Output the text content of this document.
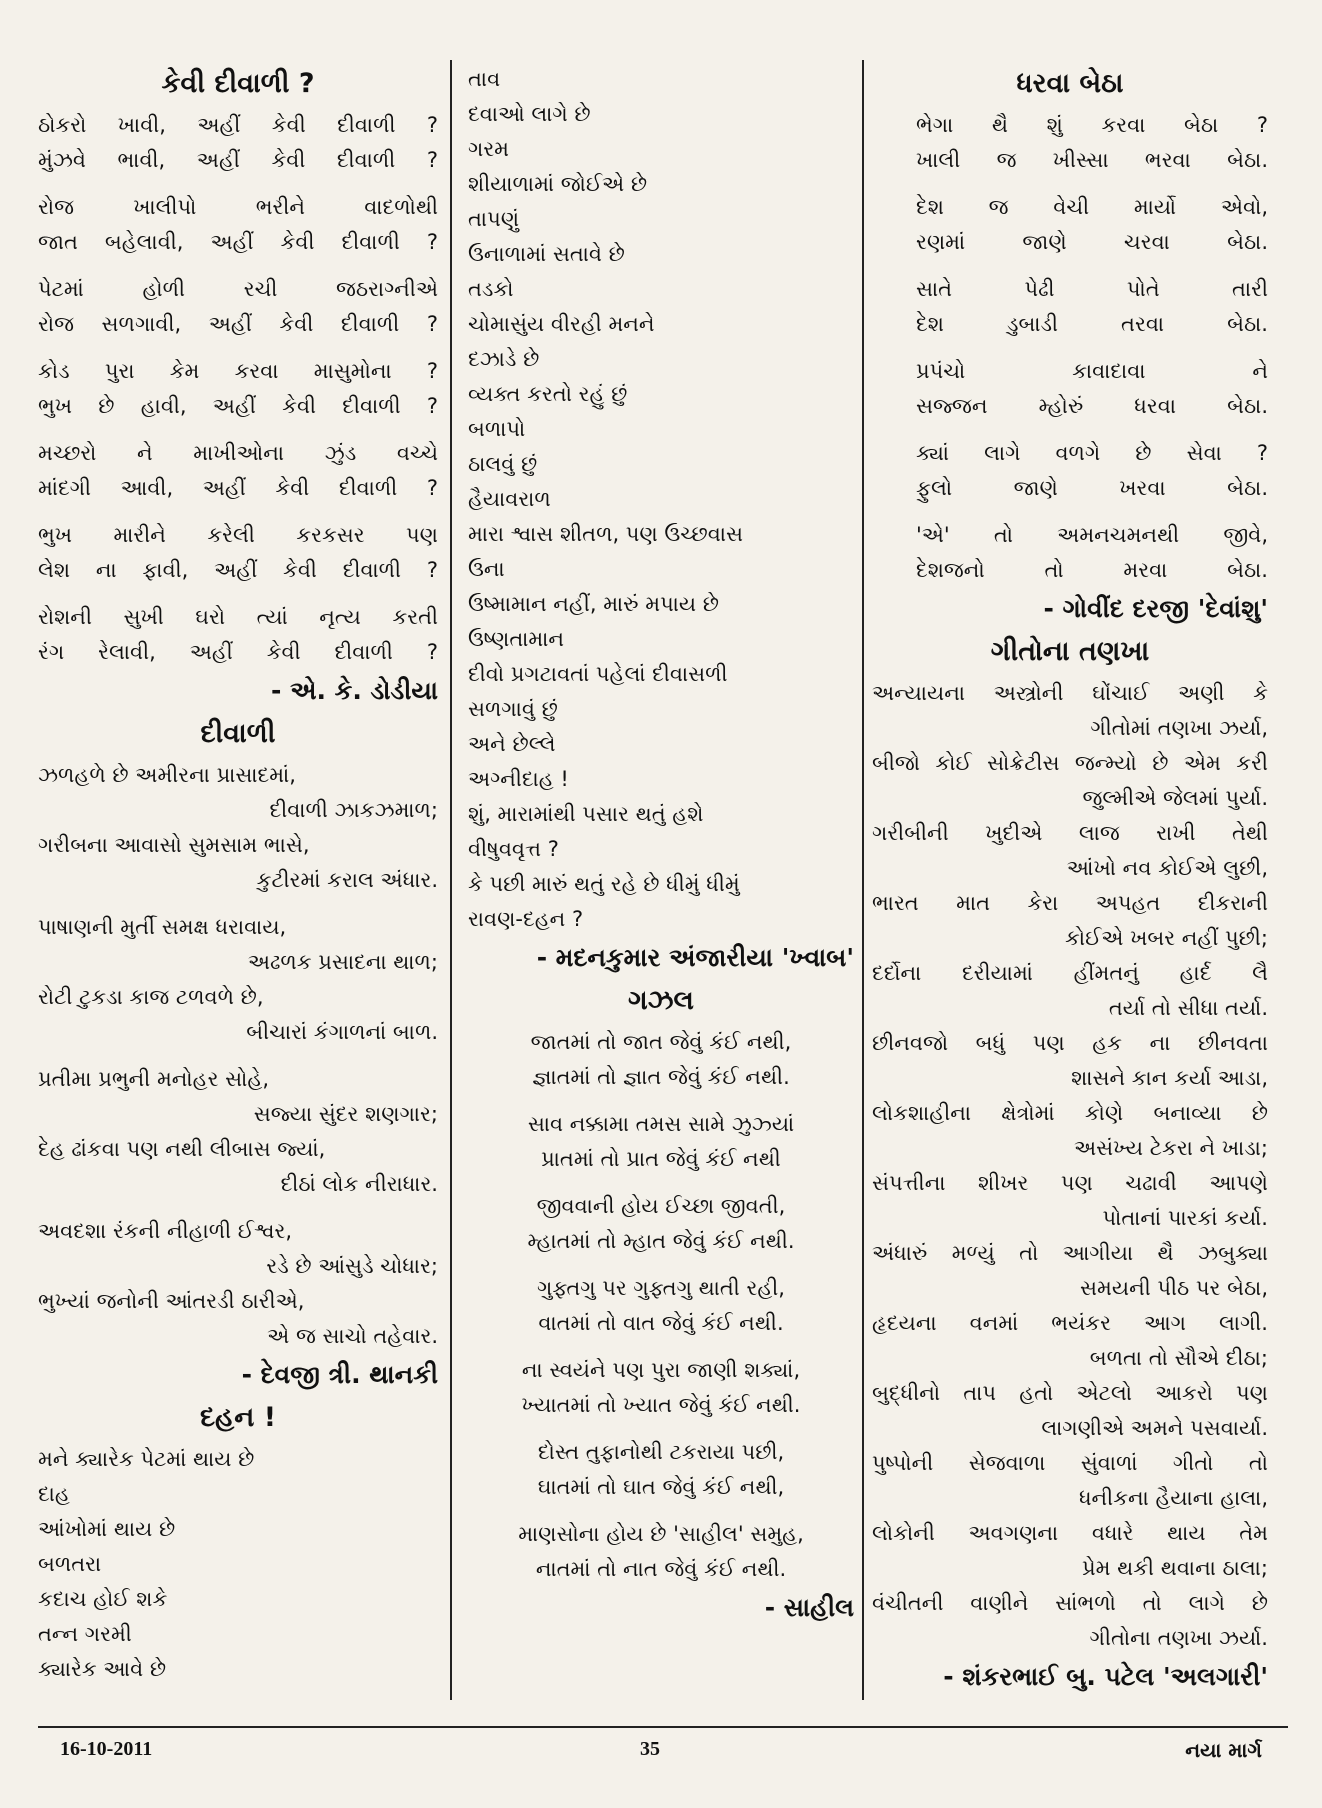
કેવી દીવાળી ?
ઠોકરો ખાવી, અહીં કેવી દીવાળી ?
મુંઝવે ભાવી, અહીં કેવી દીવાળી ?
રોજ ખાલીપો ભરીને વાદળોથી
જાત બહેલાવી, અહીં કેવી દીવાળી ?
પેટમાં હોળી રચી જઠરાગ્નીએ
રોજ સળગાવી, અહીં કેવી દીવાળી ?
કોડ પુરા કેમ કરવા માસુમોના ?
ભુખ છે હાવી, અહીં કેવી દીવાળી ?
મચ્છરો ને માખીઓના ઝુંડ વચ્ચે
માંદગી આવી, અહીં કેવી દીવાળી ?
ભુખ મારીને કરેલી કરકસર પણ
લેશ ના ફાવી, અહીં કેવી દીવાળી ?
રોશની સુખી ઘરો ત્યાં નૃત્ય કરતી
રંગ રેલાવી, અહીં કેવી દીવાળી ?
- એ. કે. ડોડીયા
દીવાળી
ઝળહળે છે અમીરના પ્રાસાદમાં,
દીવાળી ઝાકઝમાળ;
ગરીબના આવાસો સુમસામ ભાસે,
કુટીરમાં કરાલ અંધાર.
પાષાણની મુર્તી સમક્ષ ધરાવાય,
અઢળક પ્રસાદના થાળ;
રોટી ટુકડા કાજ ટળવળે છે,
બીચારાં કંગાળનાં બાળ.
પ્રતીમા પ્રભુની મનોહર સોહે,
સજ્યા સુંદર શણગાર;
દેહ ઢાંકવા પણ નથી લીબાસ જ્યાં,
દીઠાં લોક નીરાધાર.
અવદશા રંકની નીહાળી ઈશ્વર,
રડે છે આંસુડે ચોધાર;
ભુખ્યાં જનોની આંતરડી ઠારીએ,
એ જ સાચો તહેવાર.
- દેવજી ત્રી. થાનકી
દહન !
મને ક્યારેક પેટમાં થાય છે
દાહ
આંખોમાં થાય છે
બળતરા
કદાચ હોઈ શકે
તન્ન ગરમી
ક્યારેક આવે છે
તાવ
દવાઓ લાગે છે
ગરમ
શીયાળામાં જોઈએ છે
તાપણું
ઉનાળામાં સતાવે છે
તડકો
ચોમાસુંય વીરહી મનને
દઝાડે છે
વ્યક્ત કરતો રહું છું
બળાપો
ઠાલવું છું
હૈયાવરાળ
મારા શ્વાસ શીતળ, પણ ઉચ્છવાસ
ઉના
ઉષ્મામાન નહીં, મારું મપાય છે
ઉષ્ણતામાન
દીવો પ્રગટાવતાં પહેલાં દીવાસળી
સળગાવું છું
અને છેલ્લે
અગ્નીદાહ !
શું, મારામાંથી પસાર થતું હશે
વીષુવવૃત્ત ?
કે પછી મારું થતું રહે છે ધીમું ધીમું
રાવણ-દહન ?
- મદનકુમાર અંજારીયા 'ખ્વાબ'
ગઝલ
જાતમાં તો જાત જેવું કંઈ નથી,
જ્ઞાતમાં તો જ્ઞાત જેવું કંઈ નથી.
સાવ નક્કામા તમસ સામે ઝુઝ્યાં
પ્રાતમાં તો પ્રાત જેવું કંઈ નથી
જીવવાની હોય ઈચ્છા જીવતી,
મ્હાતમાં તો મ્હાત જેવું કંઈ નથી.
ગુફ્તગુ પર ગુફ્તગુ થાતી રહી,
વાતમાં તો વાત જેવું કંઈ નથી.
ના સ્વયંને પણ પુરા જાણી શક્યાં,
ખ્યાતમાં તો ખ્યાત જેવું કંઈ નથી.
દોસ્ત તુફાનોથી ટકરાયા પછી,
ઘાતમાં તો ઘાત જેવું કંઈ નથી,
માણસોના હોય છે 'સાહીલ' સમુહ,
નાતમાં તો નાત જેવું કંઈ નથી.
- સાહીલ
ધરવા બેઠા
ભેગા થૈ શું કરવા બેઠા ?
ખાલી જ ખીસ્સા ભરવા બેઠા.
દેશ જ વેચી માર્યો એવો,
રણમાં જાણે ચરવા બેઠા.
સાતે પેઢી પોતે તારી
દેશ ડુબાડી તરવા બેઠા.
પ્રપંચો કાવાદાવા ને
સજ્જન મ્હોરું ધરવા બેઠા.
ક્યાં લાગે વળગે છે સેવા ?
ફુલો જાણે ખરવા બેઠા.
'એ' તો અમનચમનથી જીવે,
દેશજનો તો મરવા બેઠા.
- ગોવીંદ દરજી 'દેવાંશુ'
ગીતોના તણખા
અન્યાયના અસ્ત્રોની ઘોંચાઈ અણી કે
ગીતોમાં તણખા ઝર્યા,
બીજો કોઈ સોક્રેટીસ જન્મ્યો છે એમ કરી
જુલ્મીએ જેલમાં પુર્યા.
ગરીબીની ખુદીએ લાજ રાખી તેથી
આંખો નવ કોઈએ લુછી,
ભારત માત કેરા અપહત દીકરાની
કોઈએ ખબર નહીં પુછી;
દર્દોના દરીયામાં હીંમતનું હાર્દ લૈ
તર્યા તો સીધા તર્યા.
છીનવજો બધું પણ હક ના છીનવતા
શાસને કાન કર્યા આડા,
લોકશાહીના ક્ષેત્રોમાં કોણે બનાવ્યા છે
અસંખ્ય ટેકરા ને ખાડા;
સંપત્તીના શીખર પણ ચઢાવી આપણે
પોતાનાં પારકાં કર્યા.
અંધારું મળ્યું તો આગીયા થૈ ઝબુક્યા
સમયની પીઠ પર બેઠા,
હૃદયના વનમાં ભયંકર આગ લાગી.
બળતા તો સૌએ દીઠા;
બુદ્ધીનો તાપ હતો એટલો આકરો પણ
લાગણીએ અમને પસવાર્યા.
પુષ્પોની સેજવાળા સુંવાળાં ગીતો તો
ધનીકના હૈયાના હાલા,
લોકોની અવગણના વધારે થાય તેમ
પ્રેમ થકી થવાના ઠાલા;
વંચીતની વાણીને સાંભળો તો લાગે છે
ગીતોના તણખા ઝર્યા.
- શંકરભાઈ બુ. પટેલ 'અલગારી'
16-10-2011	35	નયા માર્ગ
